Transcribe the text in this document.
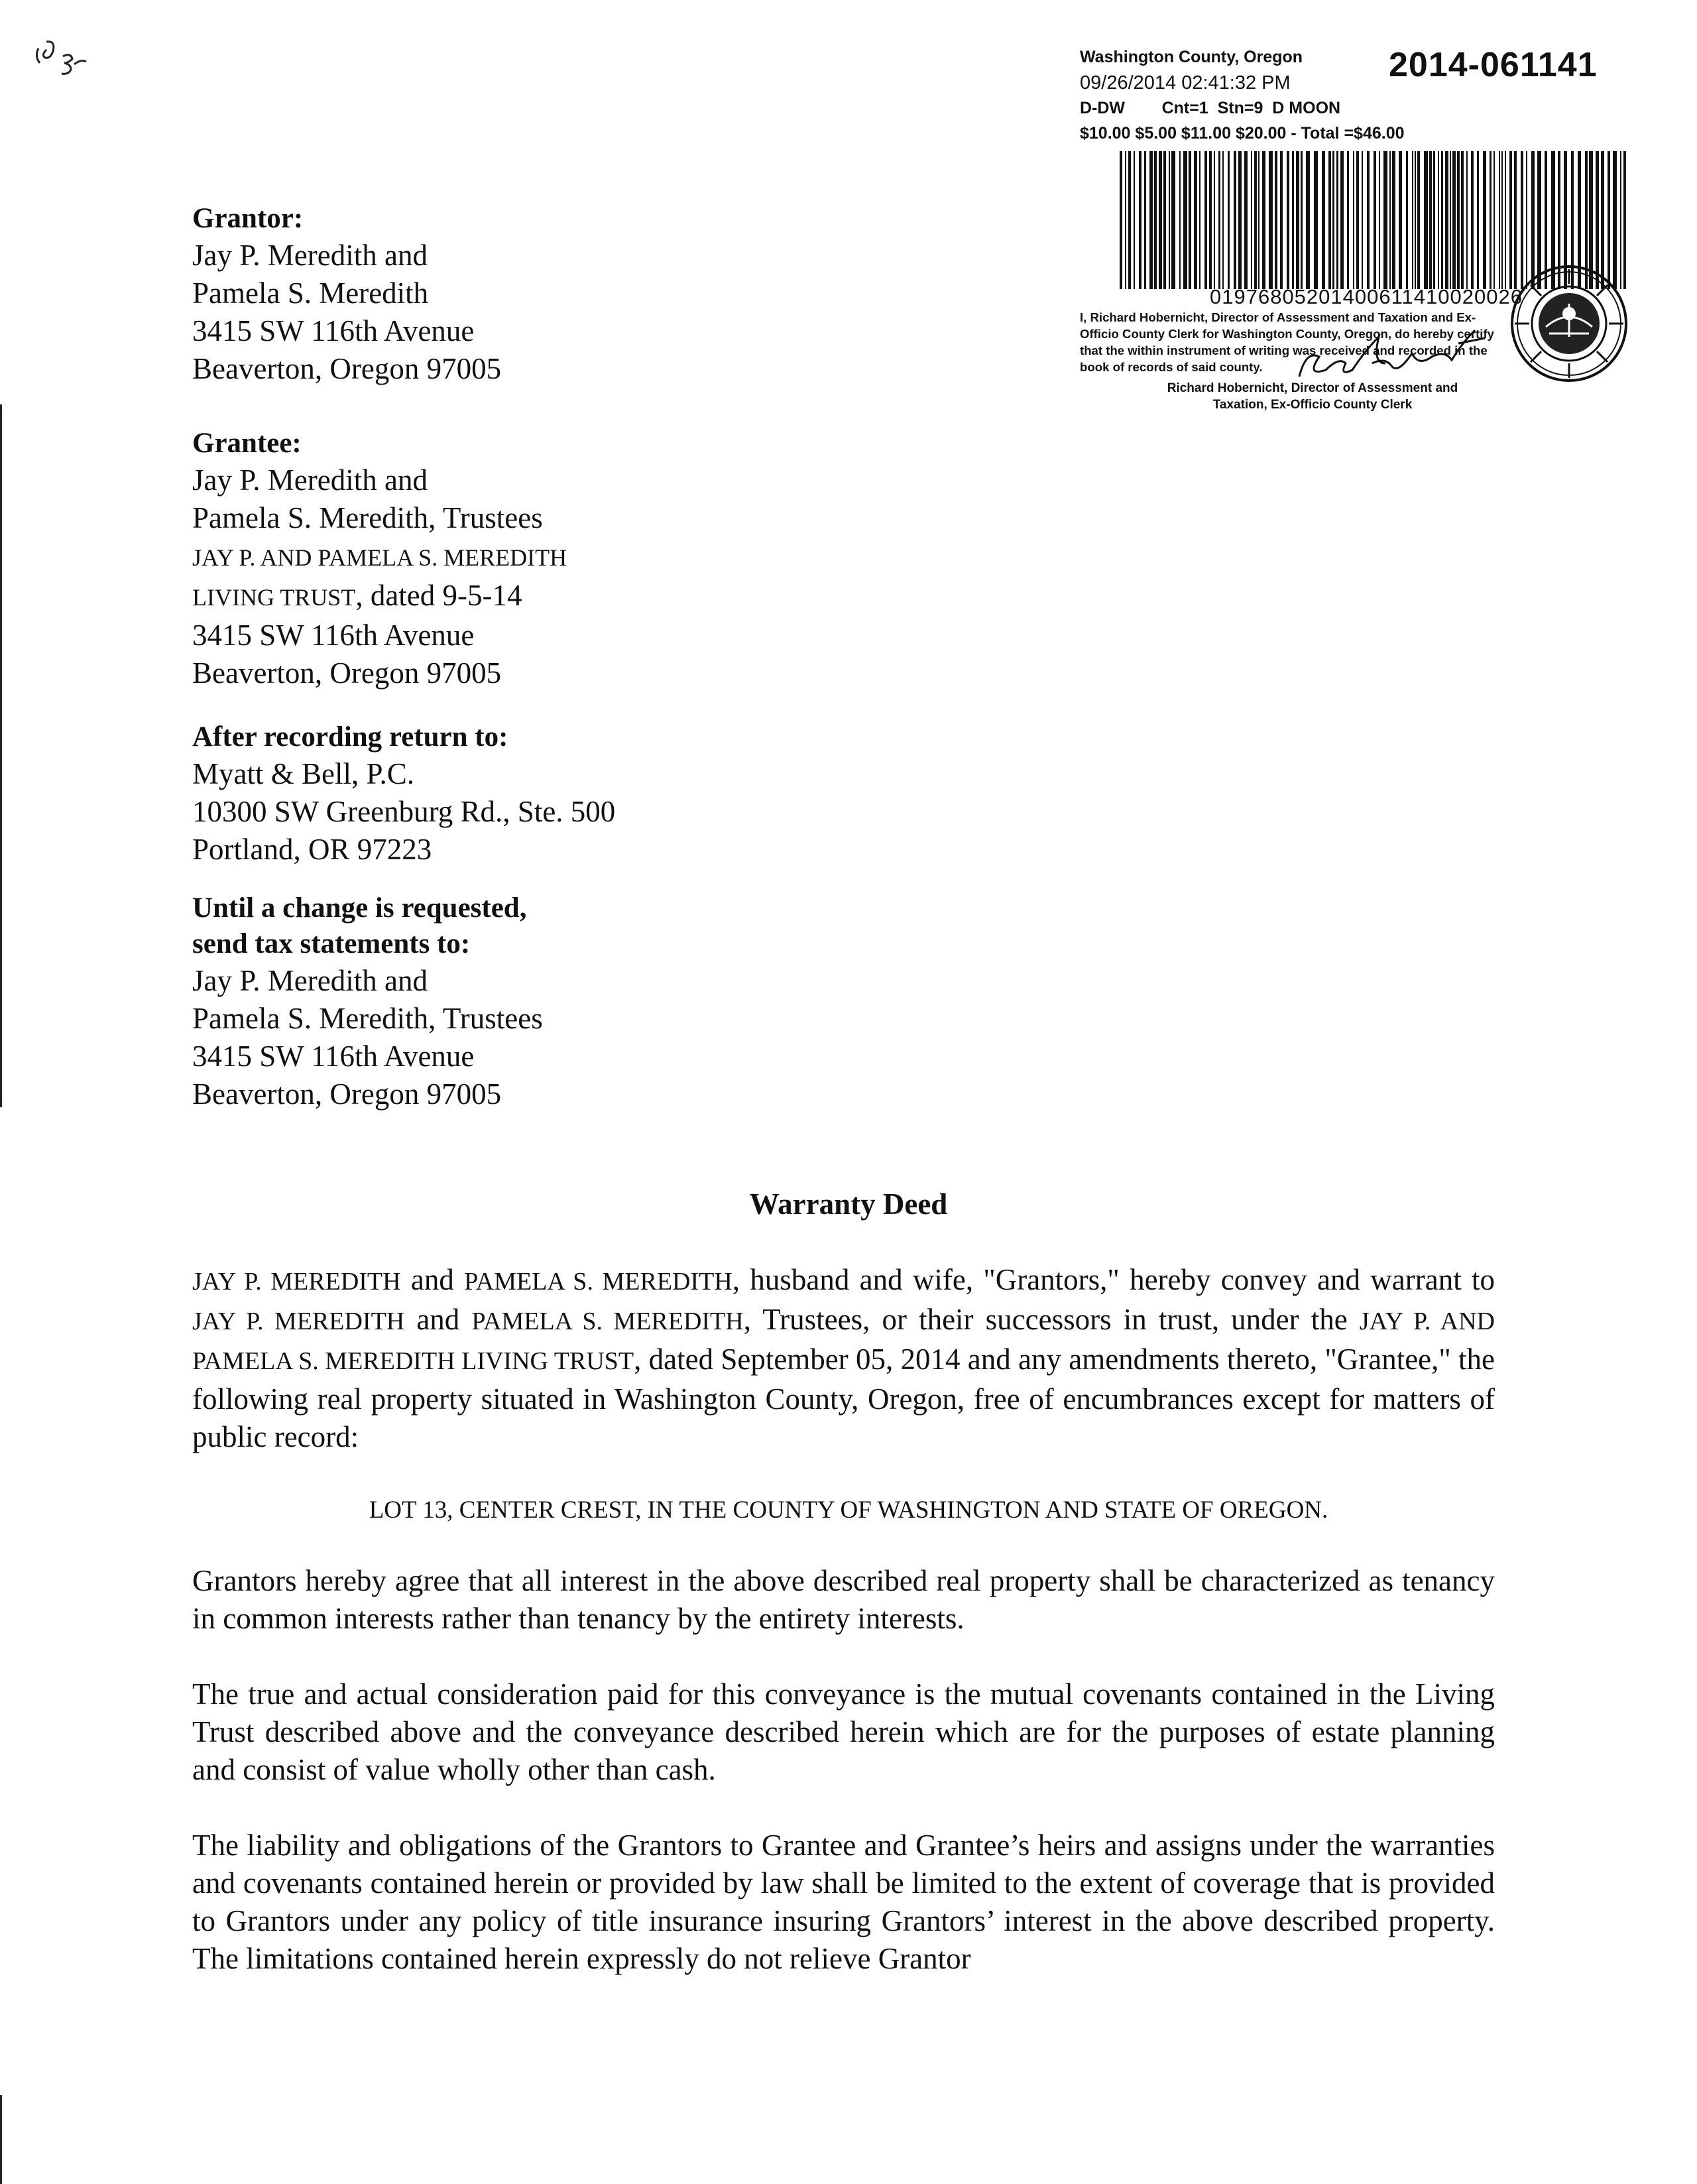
Washington County, Oregon 2014-061141
09/26/2014 02:41:32 PM
D-DW        Cnt=1  Stn=9  D MOON
$10.00 $5.00 $11.00 $20.00 - Total =$46.00
01976805201400611410020026
I, Richard Hobernicht, Director of Assessment and Taxation and Ex-Officio County Clerk for Washington County, Oregon, do hereby certify that the within instrument of writing was received and recorded in the book of records of said county.
Richard Hobernicht, Director of Assessment and
Taxation, Ex-Officio County Clerk
Grantor:
Jay P. Meredith and
Pamela S. Meredith
3415 SW 116th Avenue
Beaverton, Oregon 97005
Grantee:
Jay P. Meredith and
Pamela S. Meredith, Trustees
JAY P. AND PAMELA S. MEREDITH
LIVING TRUST, dated 9-5-14
3415 SW 116th Avenue
Beaverton, Oregon 97005
After recording return to:
Myatt & Bell, P.C.
10300 SW Greenburg Rd., Ste. 500
Portland, OR 97223
Until a change is requested,
send tax statements to:
Jay P. Meredith and
Pamela S. Meredith, Trustees
3415 SW 116th Avenue
Beaverton, Oregon 97005
Warranty Deed
JAY P. MEREDITH and PAMELA S. MEREDITH, husband and wife, "Grantors," hereby convey and warrant to JAY P. MEREDITH and PAMELA S. MEREDITH, Trustees, or their successors in trust, under the JAY P. AND PAMELA S. MEREDITH LIVING TRUST, dated September 05, 2014 and any amendments thereto, "Grantee," the following real property situated in Washington County, Oregon, free of encumbrances except for matters of public record:
LOT 13, CENTER CREST, IN THE COUNTY OF WASHINGTON AND STATE OF OREGON.
Grantors hereby agree that all interest in the above described real property shall be characterized as tenancy in common interests rather than tenancy by the entirety interests.
The true and actual consideration paid for this conveyance is the mutual covenants contained in the Living Trust described above and the conveyance described herein which are for the purposes of estate planning and consist of value wholly other than cash.
The liability and obligations of the Grantors to Grantee and Grantee’s heirs and assigns under the warranties and covenants contained herein or provided by law shall be limited to the extent of coverage that is provided to Grantors under any policy of title insurance insuring Grantors’ interest in the above described property. The limitations contained herein expressly do not relieve Grantor
